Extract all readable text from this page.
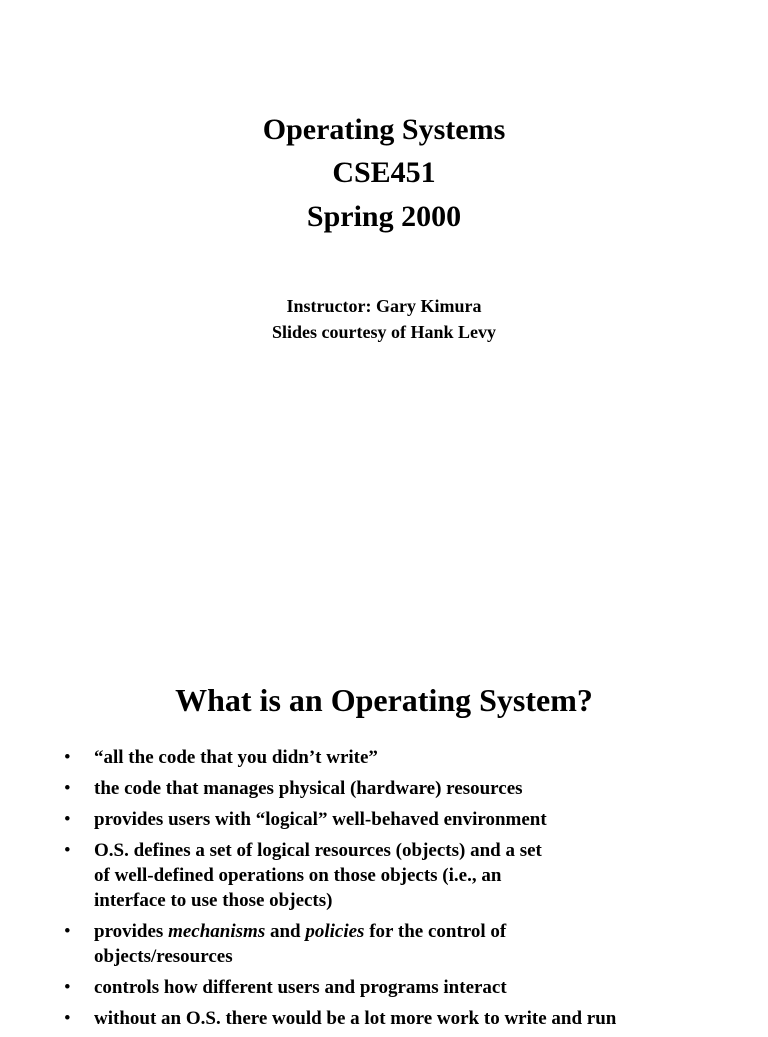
Operating Systems
CSE451
Spring 2000
Instructor: Gary Kimura
Slides courtesy of Hank Levy
What is an Operating System?
• “all the code that you didn’t write”
• the code that manages physical (hardware) resources
• provides users with “logical” well-behaved environment
• O.S. defines a set of logical resources (objects) and a set
of well-defined operations on those objects (i.e., an
interface to use those objects)
• provides mechanisms and policies for the control of
objects/resources
• controls how different users and programs interact
• without an O.S. there would be a lot more work to write and run
